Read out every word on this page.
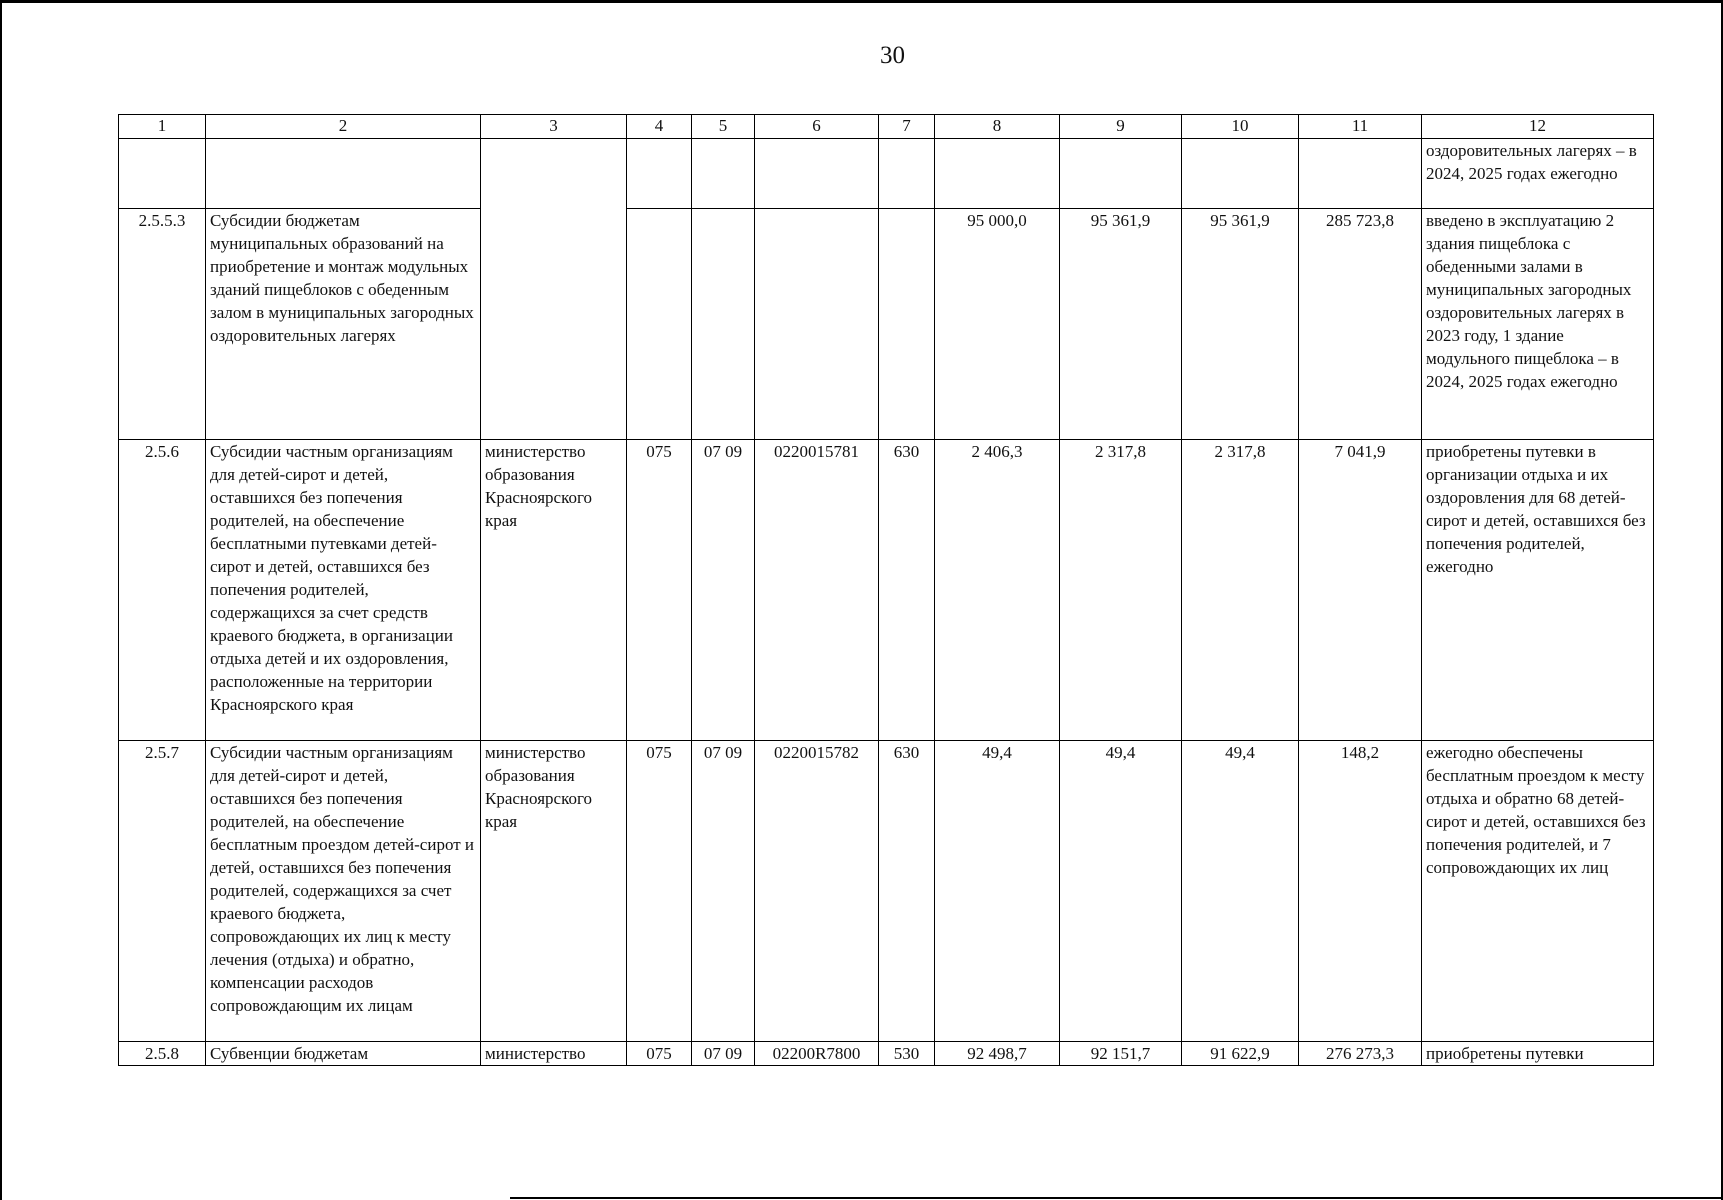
30
1	2	3	4	5	6	7	8	9	10	11	12
											оздоровительных лагерях – в 2024, 2025 годах ежегодно
2.5.5.3	Субсидии бюджетам муниципальных образований на приобретение и монтаж модульных зданий пищеблоков с обеденным залом в муниципальных загородных оздоровительных лагерях						95 000,0	95 361,9	95 361,9	285 723,8	введено в эксплуатацию 2 здания пищеблока с обеденными залами в муниципальных загородных оздоровительных лагерях в 2023 году, 1 здание модульного пищеблока – в 2024, 2025 годах ежегодно
2.5.6	Субсидии частным организациям для детей-сирот и детей, оставшихся без попечения родителей, на обеспечение бесплатными путевками детей-сирот и детей, оставшихся без попечения родителей, содержащихся за счет средств краевого бюджета, в организации отдыха детей и их оздоровления, расположенные на территории Красноярского края	министерство образования Красноярского края	075	07 09	0220015781	630	2 406,3	2 317,8	2 317,8	7 041,9	приобретены путевки в организации отдыха и их оздоровления для 68 детей-сирот и детей, оставшихся без попечения родителей, ежегодно
2.5.7	Субсидии частным организациям для детей-сирот и детей, оставшихся без попечения родителей, на обеспечение бесплатным проездом детей-сирот и детей, оставшихся без попечения родителей, содержащихся за счет краевого бюджета, сопровождающих их лиц к месту лечения (отдыха) и обратно, компенсации расходов сопровождающим их лицам	министерство образования Красноярского края	075	07 09	0220015782	630	49,4	49,4	49,4	148,2	ежегодно обеспечены бесплатным проездом к месту отдыха и обратно 68 детей-сирот и детей, оставшихся без попечения родителей, и 7 сопровождающих их лиц
2.5.8	Субвенции бюджетам	министерство	075	07 09	02200R7800	530	92 498,7	92 151,7	91 622,9	276 273,3	приобретены путевки
